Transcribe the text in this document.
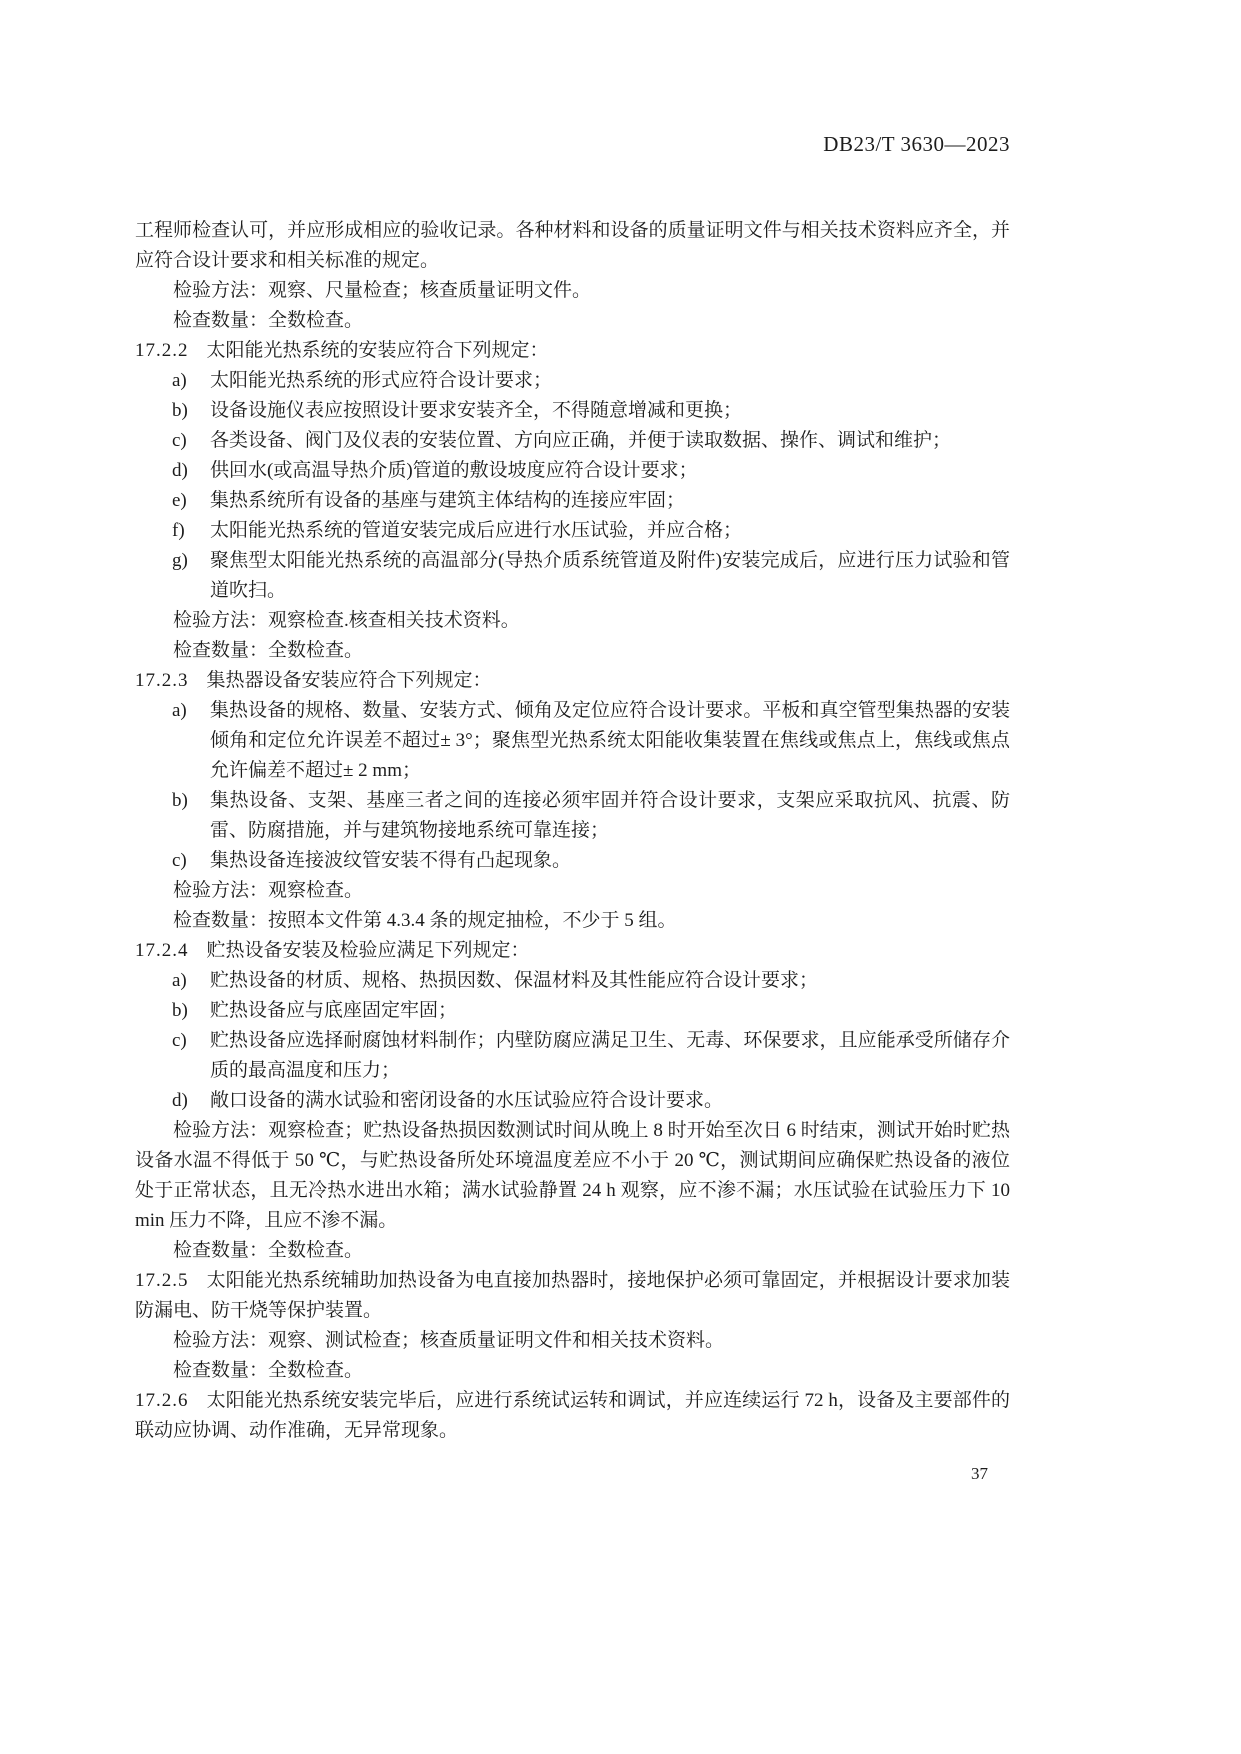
DB23/T 3630—2023
工程师检查认可，并应形成相应的验收记录。各种材料和设备的质量证明文件与相关技术资料应齐全，并应符合设计要求和相关标准的规定。
检验方法：观察、尺量检查；核查质量证明文件。
检查数量：全数检查。
17.2.2 太阳能光热系统的安装应符合下列规定：
a)	太阳能光热系统的形式应符合设计要求；
b)	设备设施仪表应按照设计要求安装齐全，不得随意增减和更换；
c)	各类设备、阀门及仪表的安装位置、方向应正确，并便于读取数据、操作、调试和维护；
d)	供回水(或高温导热介质)管道的敷设坡度应符合设计要求；
e)	集热系统所有设备的基座与建筑主体结构的连接应牢固；
f)	太阳能光热系统的管道安装完成后应进行水压试验，并应合格；
g)	聚焦型太阳能光热系统的高温部分(导热介质系统管道及附件)安装完成后，应进行压力试验和管道吹扫。
检验方法：观察检查.核查相关技术资料。
检查数量：全数检查。
17.2.3 集热器设备安装应符合下列规定：
a)	集热设备的规格、数量、安装方式、倾角及定位应符合设计要求。平板和真空管型集热器的安装倾角和定位允许误差不超过± 3°；聚焦型光热系统太阳能收集装置在焦线或焦点上，焦线或焦点允许偏差不超过± 2 mm；
b)	集热设备、支架、基座三者之间的连接必须牢固并符合设计要求，支架应采取抗风、抗震、防雷、防腐措施，并与建筑物接地系统可靠连接；
c)	集热设备连接波纹管安装不得有凸起现象。
检验方法：观察检查。
检查数量：按照本文件第 4.3.4 条的规定抽检，不少于 5 组。
17.2.4 贮热设备安装及检验应满足下列规定：
a)	贮热设备的材质、规格、热损因数、保温材料及其性能应符合设计要求；
b)	贮热设备应与底座固定牢固；
c)	贮热设备应选择耐腐蚀材料制作；内壁防腐应满足卫生、无毒、环保要求，且应能承受所储存介质的最高温度和压力；
d)	敞口设备的满水试验和密闭设备的水压试验应符合设计要求。
检验方法：观察检查；贮热设备热损因数测试时间从晚上 8 时开始至次日 6 时结束，测试开始时贮热设备水温不得低于 50 ℃，与贮热设备所处环境温度差应不小于 20 ℃，测试期间应确保贮热设备的液位处于正常状态，且无冷热水进出水箱；满水试验静置 24 h 观察，应不渗不漏；水压试验在试验压力下 10 min 压力不降，且应不渗不漏。
检查数量：全数检查。
17.2.5 太阳能光热系统辅助加热设备为电直接加热器时，接地保护必须可靠固定，并根据设计要求加装防漏电、防干烧等保护装置。
检验方法：观察、测试检查；核查质量证明文件和相关技术资料。
检查数量：全数检查。
17.2.6 太阳能光热系统安装完毕后，应进行系统试运转和调试，并应连续运行 72 h，设备及主要部件的联动应协调、动作准确，无异常现象。
37
